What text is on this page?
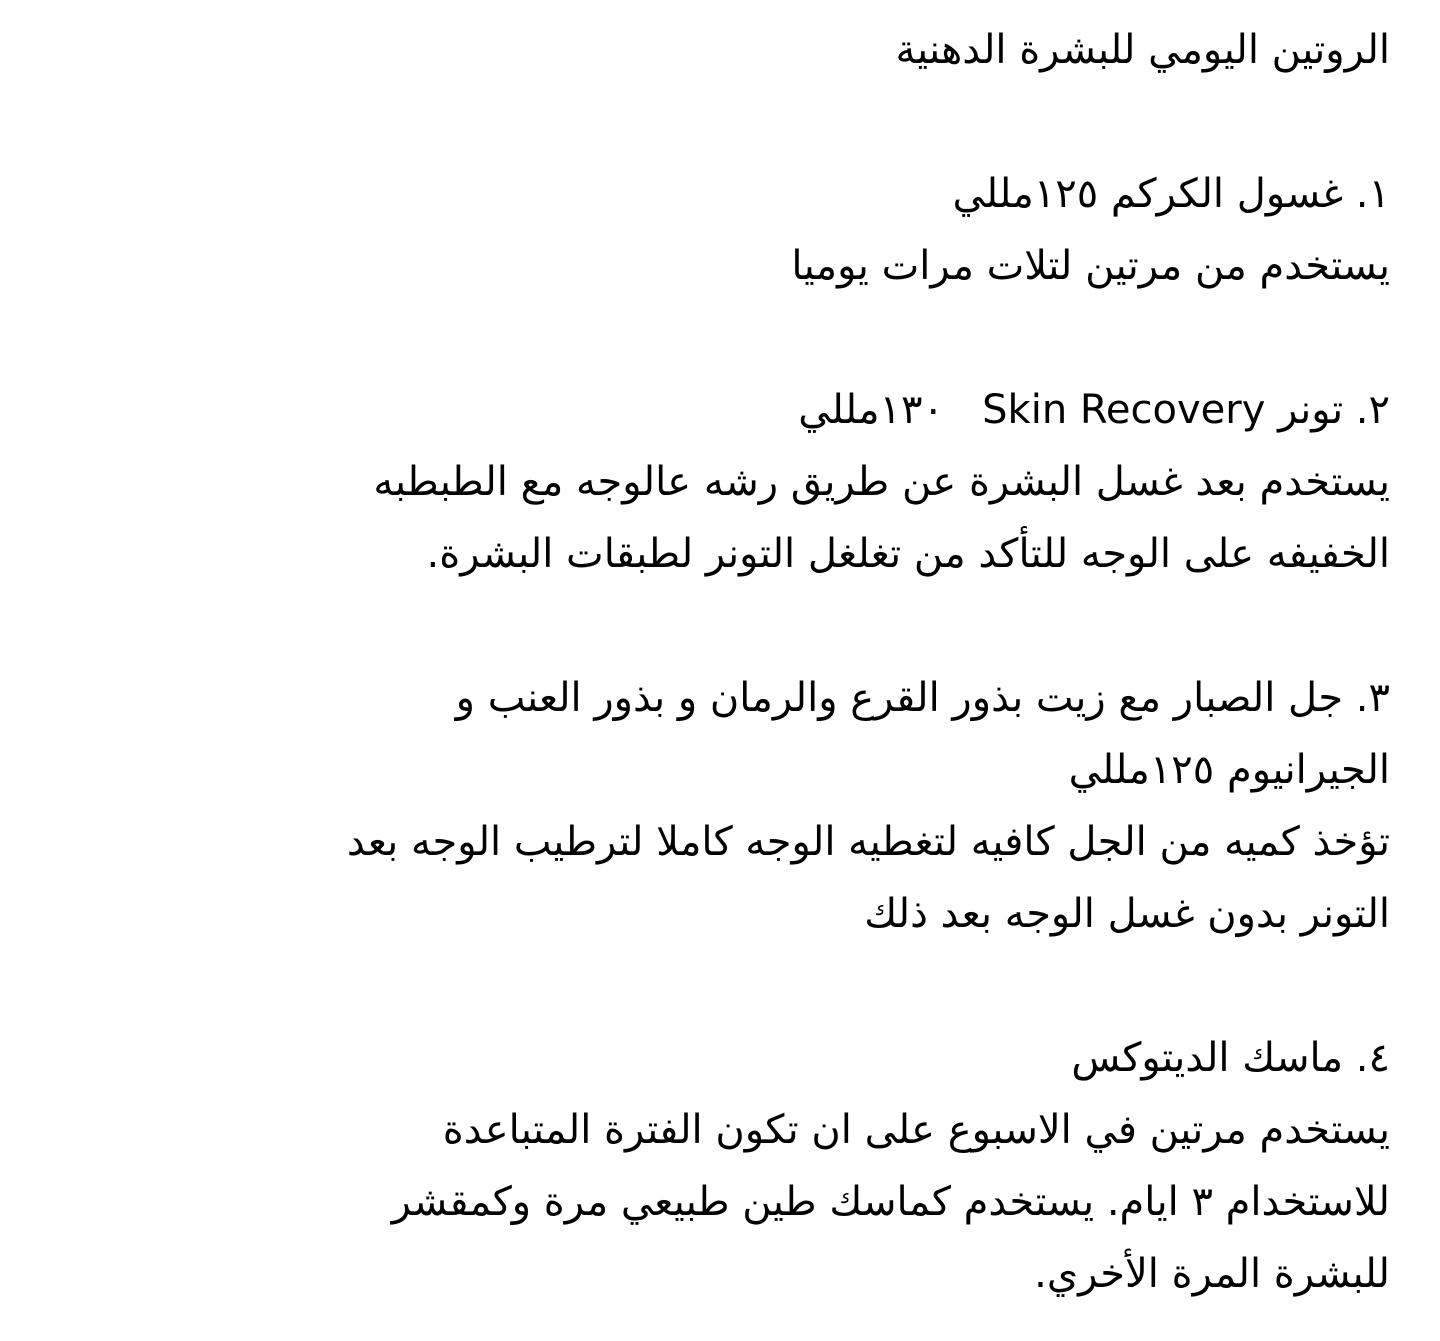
الروتين اليومي للبشرة الدهنية

١. غسول الكركم ١٢٥مللي

يستخدم من مرتين لتلات مرات يوميا

٢. تونر Skin Recovery   ١٣٠مللي

يستخدم بعد غسل البشرة عن طريق رشه عالوجه مع الطبطبه

الخفيفه على الوجه للتأكد من تغلغل التونر لطبقات البشرة.

٣. جل الصبار مع زيت بذور القرع والرمان و بذور العنب و

الجيرانيوم ١٢٥مللي

تؤخذ كميه من الجل كافيه لتغطيه الوجه كاملا لترطيب الوجه بعد

التونر بدون غسل الوجه بعد ذلك

٤. ماسك الديتوكس

يستخدم مرتين في الاسبوع على ان تكون الفترة المتباعدة

للاستخدام ٣ ايام. يستخدم كماسك طين طبيعي مرة وكمقشر

للبشرة المرة الأخري.
